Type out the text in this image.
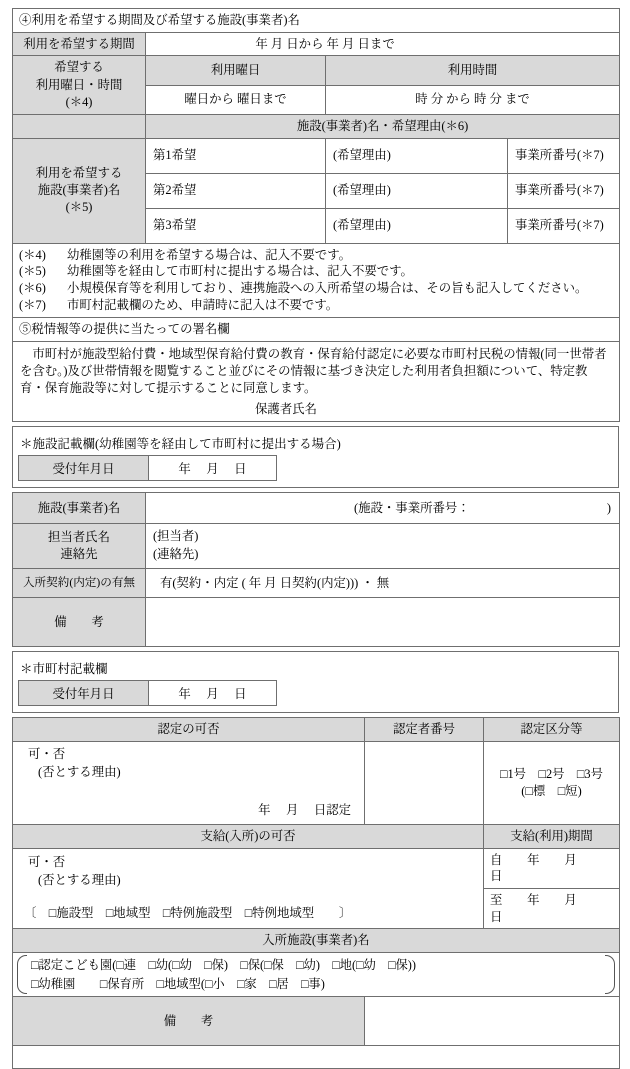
④利用を希望する期間及び希望する施設(事業者)名			
利用を希望する期間	年 月 日から 年 月 日まで		

希望する
利用曜日・時間
(＊4)	利用曜日	利用時間	
	曜日から 曜日まで	時 分 から 時 分 まで	
	施設(事業者)名・希望理由(＊6)		

利用を希望する
施設(事業者)名
(＊5)	第1希望	(希望理由)	事業所番号(＊7)
	第2希望	(希望理由)	事業所番号(＊7)
	第3希望	(希望理由)	事業所番号(＊7)

(＊4) 幼稚園等の利用を希望する場合は、記入不要です。
(＊5) 幼稚園等を経由して市町村に提出する場合は、記入不要です。
(＊6) 小規模保育等を利用しており、連携施設への入所希望の場合は、その旨も記入してください。
(＊7) 市町村記載欄のため、申請時に記入は不要です。			

⑤税情報等の提供に当たっての署名欄			

市町村が施設型給付費・地域型保育給付費の教育・保育給付認定に必要な市町村民税の情報(同一世帯者を含む。)及び世帯情報を閲覧すること並びにその情報に基づき決定した利用者負担額について、特定教育・保育施設等に対して提示することに同意します。

保護者氏名			
＊施設記載欄(幼稚園等を経由して市町村に提出する場合)
受付年月日	年　 月　 日
施設(事業者)名	(施設・事業所番号： )

担当者氏名
連絡先	(担当者)
(連絡先)

入所契約(内定)の有無	有(契約・内定 ( 年 月 日契約(内定))) ・ 無
備　　考	
＊市町村記載欄
受付年月日	年　 月　 日
認定の可否	認定者番号	認定区分等

可・否
(否とする理由)
年　 月　 日認定		□1号　□2号　□3号
(□標　□短)

支給(入所)の可否		支給(利用)期間

可・否
(否とする理由)
〔　□施設型　□地域型　□特例施設型　□特例地域型　　〕		自　　年　　月　　日
		至　　年　　月　　日
入所施設(事業者)名		

□認定こども園(□連　□幼(□幼　□保)　□保(□保　□幼)　□地(□幼　□保))
□幼稚園　　□保育所　□地域型(□小　□家　□居　□事)		

備　　考		
